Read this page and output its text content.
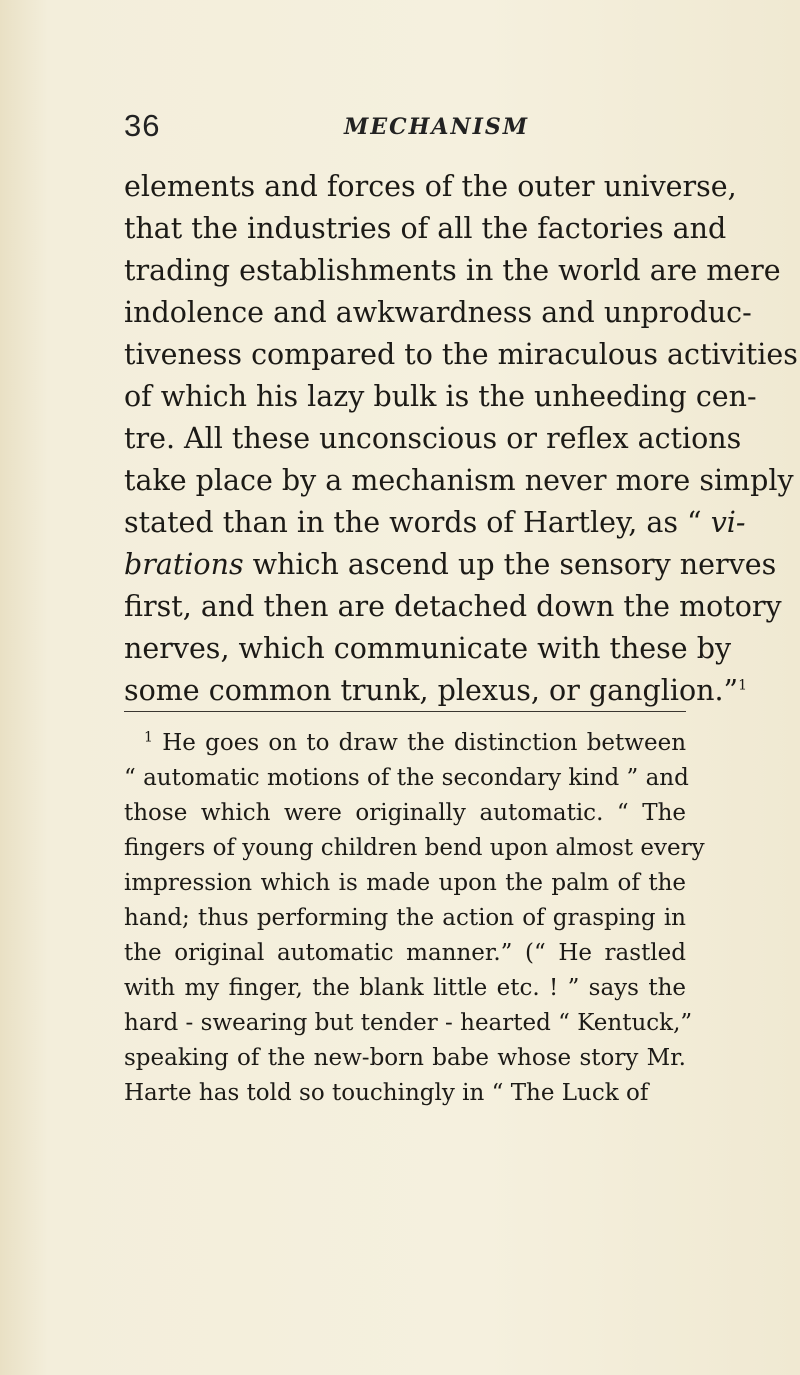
36	MECHANISM
elements and forces of the outer universe,
that the industries of all the factories and
trading establishments in the world are mere
indolence and awkwardness and unproduc-
tiveness compared to the miraculous activities
of which his lazy bulk is the unheeding cen-
tre. All these unconscious or reflex actions
take place by a mechanism never more simply
stated than in the words of Hartley, as “ vi-
brations which ascend up the sensory nerves
first, and then are detached down the motory
nerves, which communicate with these by
some common trunk, plexus, or ganglion.”$^1$
$^1$ He goes on to draw the distinction between
“ automatic motions of the secondary kind ” and
those which were originally automatic. “ The
fingers of young children bend upon almost every
impression which is made upon the palm of the
hand; thus performing the action of grasping in
the original automatic manner.” (“ He rastled
with my finger, the blank little etc. ! ” says the
hard - swearing but tender - hearted “ Kentuck,”
speaking of the new-born babe whose story Mr.
Harte has told so touchingly in “ The Luck of
